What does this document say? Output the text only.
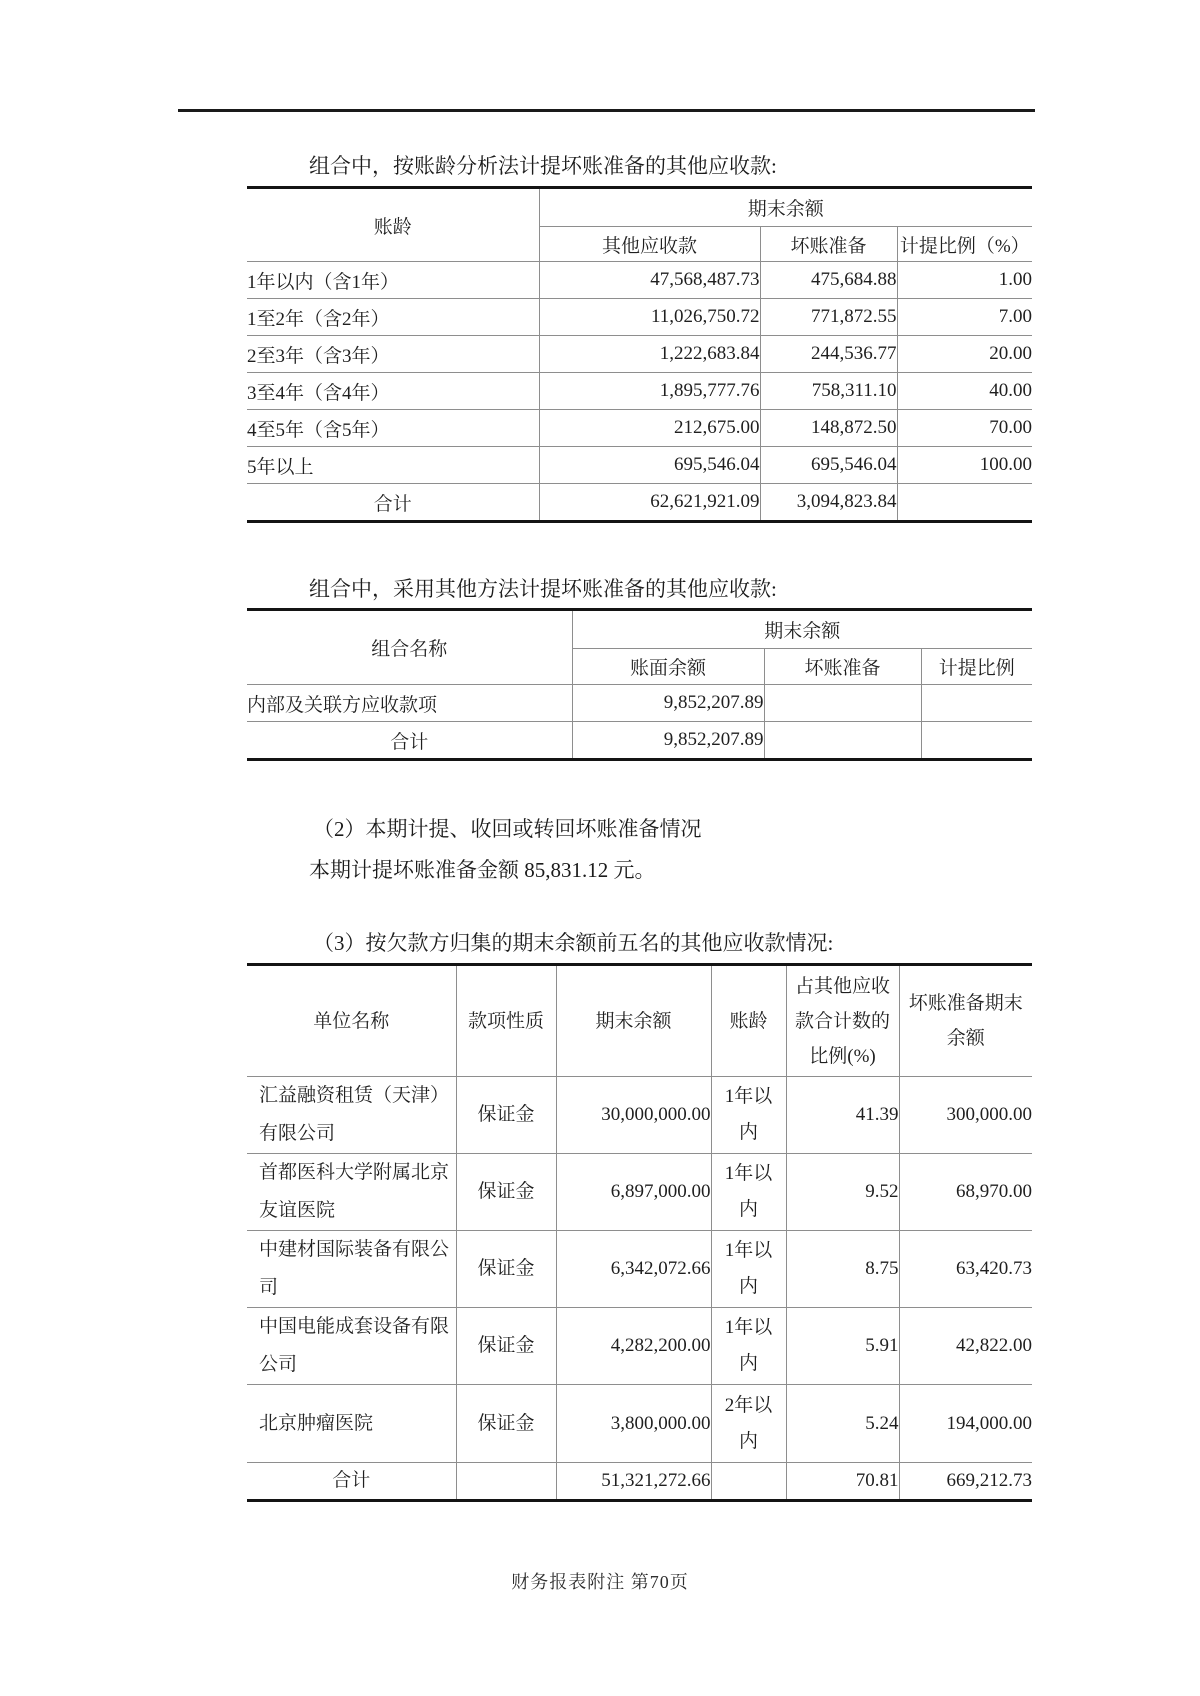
组合中，按账龄分析法计提坏账准备的其他应收款:
账龄	期末余额		
	其他应收款	坏账准备	计提比例（%）
1年以内（含1年）	47,568,487.73	475,684.88	1.00
1至2年（含2年）	11,026,750.72	771,872.55	7.00
2至3年（含3年）	1,222,683.84	244,536.77	20.00
3至4年（含4年）	1,895,777.76	758,311.10	40.00
4至5年（含5年）	212,675.00	148,872.50	70.00
5年以上	695,546.04	695,546.04	100.00
合计	62,621,921.09	3,094,823.84	
组合中，采用其他方法计提坏账准备的其他应收款:
组合名称	期末余额		
	账面余额	坏账准备	计提比例
内部及关联方应收款项	9,852,207.89		
合计	9,852,207.89		
（2）本期计提、收回或转回坏账准备情况
本期计提坏账准备金额 85,831.12 元。
（3）按欠款方归集的期末余额前五名的其他应收款情况:
单位名称	款项性质	期末余额	账龄	占其他应收款合计数的比例(%)	坏账准备期末余额
汇益融资租赁（天津）有限公司	保证金	30,000,000.00	1年以内	41.39	300,000.00
首都医科大学附属北京友谊医院	保证金	6,897,000.00	1年以内	9.52	68,970.00
中建材国际装备有限公司	保证金	6,342,072.66	1年以内	8.75	63,420.73
中国电能成套设备有限公司	保证金	4,282,200.00	1年以内	5.91	42,822.00
北京肿瘤医院	保证金	3,800,000.00	2年以内	5.24	194,000.00
合计		51,321,272.66		70.81	669,212.73
财务报表附注 第70页
